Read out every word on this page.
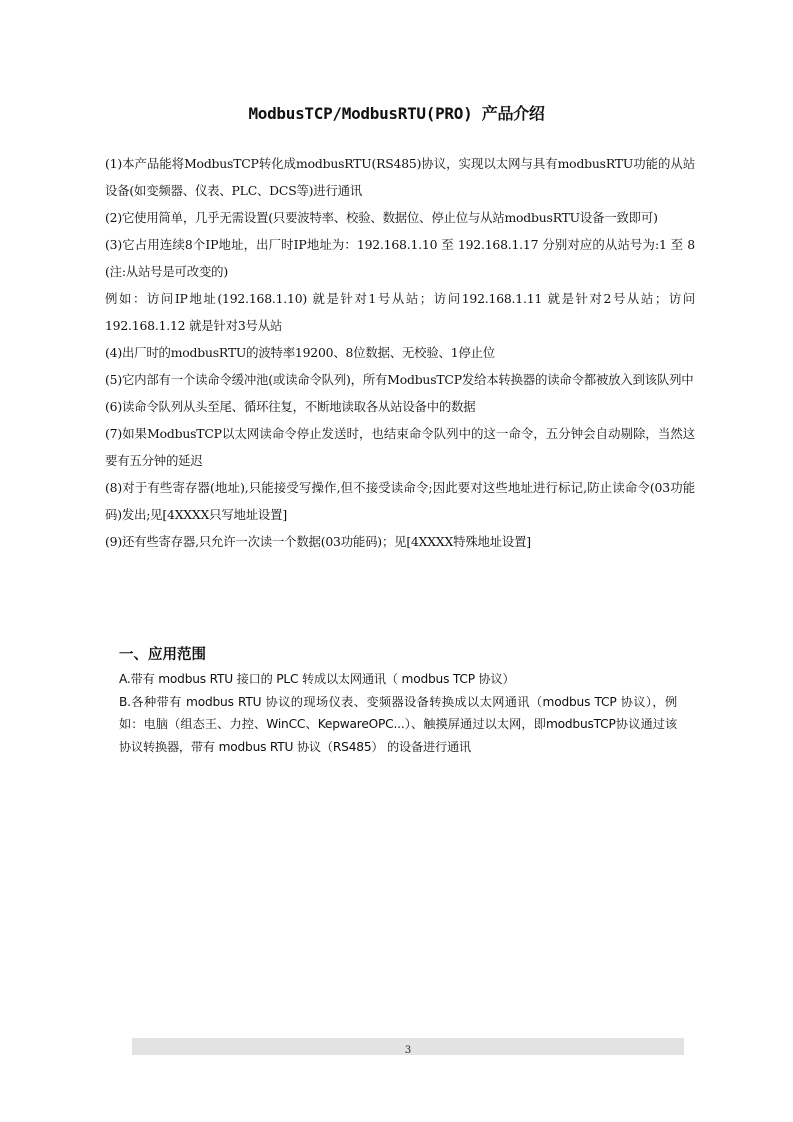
ModbusTCP/ModbusRTU(PRO) 产品介绍

(1)本产品能将ModbusTCP转化成modbusRTU(RS485)协议，实现以太网与具有modbusRTU功能的从站设备(如变频器、仪表、PLC、DCS等)进行通讯

(2)它使用简单，几乎无需设置(只要波特率、校验、数据位、停止位与从站modbusRTU设备一致即可)

(3)它占用连续8个IP地址，出厂时IP地址为：192.168.1.10 至 192.168.1.17 分别对应的从站号为:1 至 8 (注:从站号是可改变的)

例如：访问IP地址(192.168.1.10) 就是针对1号从站；访问192.168.1.11 就是针对2号从站；访问192.168.1.12 就是针对3号从站

(4)出厂时的modbusRTU的波特率19200、8位数据、无校验、1停止位

(5)它内部有一个读命令缓冲池(或读命令队列)，所有ModbusTCP发给本转换器的读命令都被放入到该队列中

(6)读命令队列从头至尾、循环往复，不断地读取各从站设备中的数据

(7)如果ModbusTCP以太网读命令停止发送时，也结束命令队列中的这一命令，五分钟会自动剔除，当然这要有五分钟的延迟

(8)对于有些寄存器(地址),只能接受写操作,但不接受读命令;因此要对这些地址进行标记,防止读命令(03功能码)发出;见[4XXXX只写地址设置]

(9)还有些寄存器,只允许一次读一个数据(03功能码)；见[4XXXX特殊地址设置]

一、应用范围

A.带有 modbus RTU 接口的 PLC 转成以太网通讯（ modbus TCP 协议）

B.各种带有 modbus RTU 协议的现场仪表、变频器设备转换成以太网通讯（modbus TCP 协议），例如：电脑（组态王、力控、WinCC、KepwareOPC...）、触摸屏通过以太网，即modbusTCP协议通过该协议转换器，带有 modbus RTU 协议（RS485） 的设备进行通讯

3
